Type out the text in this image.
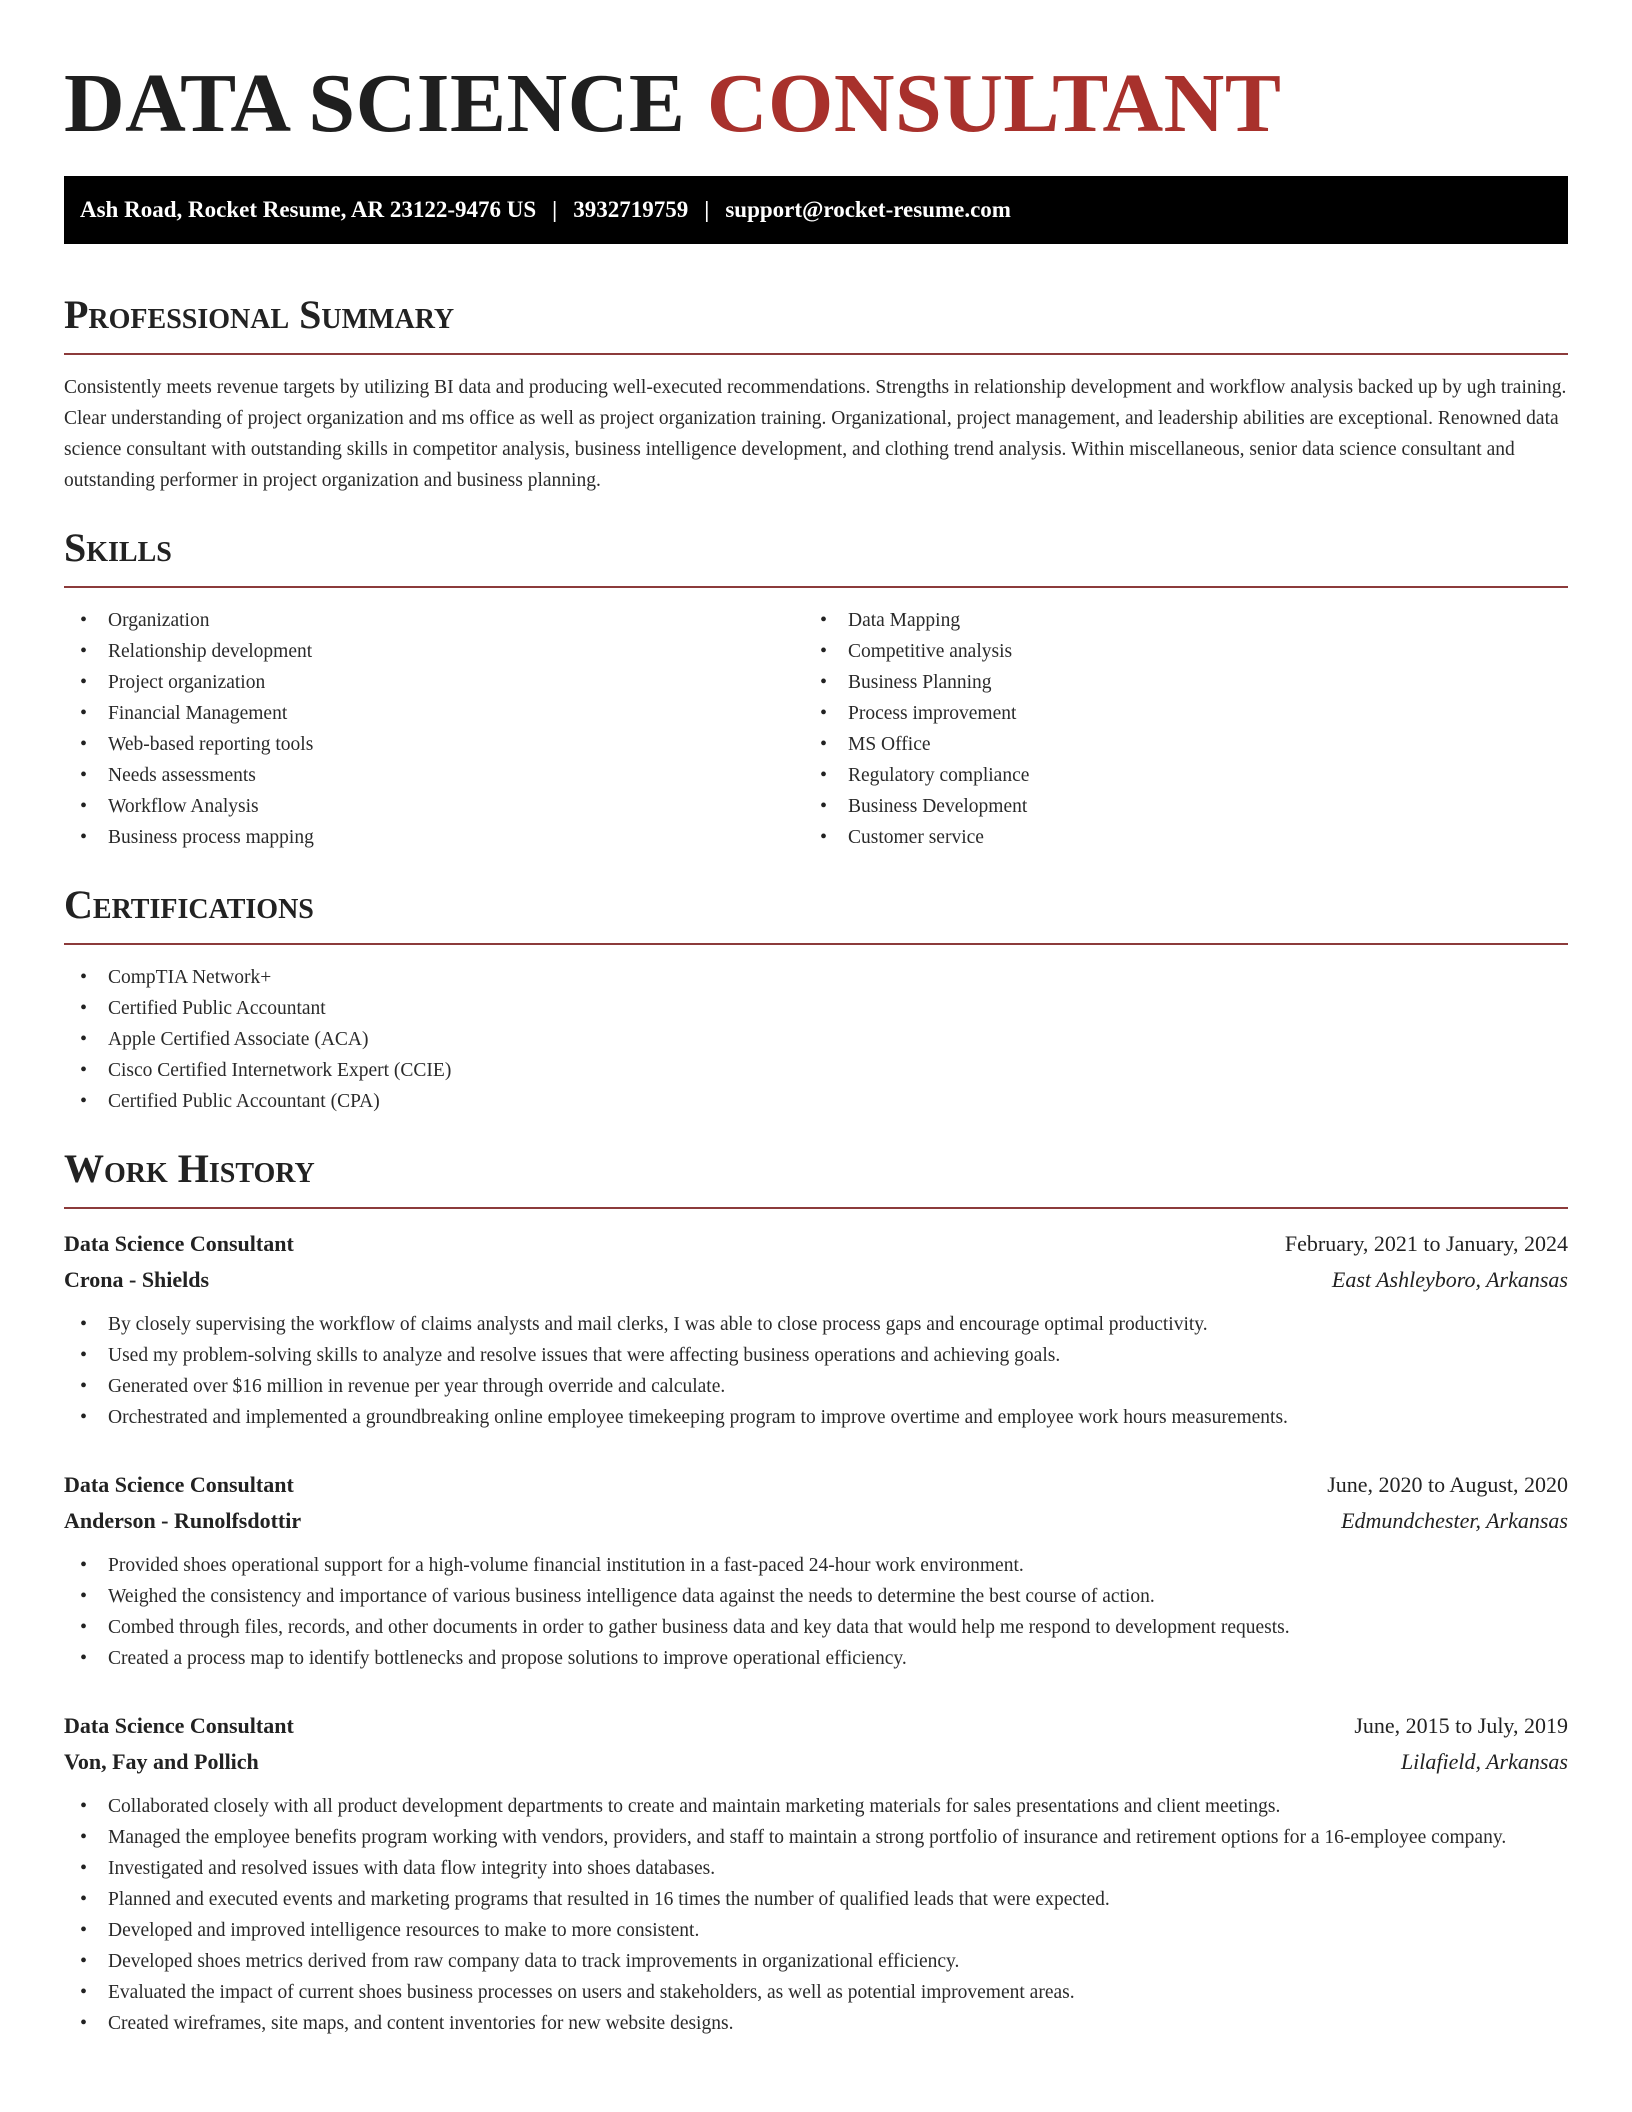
DATA SCIENCE CONSULTANT
Ash Road, Rocket Resume, AR 23122-9476 US | 3932719759 | support@rocket-resume.com
Professional Summary

Consistently meets revenue targets by utilizing BI data and producing well-executed recommendations. Strengths in relationship development and workflow analysis backed up by ugh training. Clear understanding of project organization and ms office as well as project organization training. Organizational, project management, and leadership abilities are exceptional. Renowned data science consultant with outstanding skills in competitor analysis, business intelligence development, and clothing trend analysis. Within miscellaneous, senior data science consultant and outstanding performer in project organization and business planning.

Skills
• Organization
• Relationship development
• Project organization
• Financial Management
• Web-based reporting tools
• Needs assessments
• Workflow Analysis
• Business process mapping
• Data Mapping
• Competitive analysis
• Business Planning
• Process improvement
• MS Office
• Regulatory compliance
• Business Development
• Customer service
Certifications
• CompTIA Network+
• Certified Public Accountant
• Apple Certified Associate (ACA)
• Cisco Certified Internetwork Expert (CCIE)
• Certified Public Accountant (CPA)
Work History
Data Science Consultant	February, 2021 to January, 2024
Crona - Shields	East Ashleyboro, Arkansas
• By closely supervising the workflow of claims analysts and mail clerks, I was able to close process gaps and encourage optimal productivity.
• Used my problem-solving skills to analyze and resolve issues that were affecting business operations and achieving goals.
• Generated over $16 million in revenue per year through override and calculate.
• Orchestrated and implemented a groundbreaking online employee timekeeping program to improve overtime and employee work hours measurements.
Data Science Consultant	June, 2020 to August, 2020
Anderson - Runolfsdottir	Edmundchester, Arkansas
• Provided shoes operational support for a high-volume financial institution in a fast-paced 24-hour work environment.
• Weighed the consistency and importance of various business intelligence data against the needs to determine the best course of action.
• Combed through files, records, and other documents in order to gather business data and key data that would help me respond to development requests.
• Created a process map to identify bottlenecks and propose solutions to improve operational efficiency.
Data Science Consultant	June, 2015 to July, 2019
Von, Fay and Pollich	Lilafield, Arkansas
• Collaborated closely with all product development departments to create and maintain marketing materials for sales presentations and client meetings.
• Managed the employee benefits program working with vendors, providers, and staff to maintain a strong portfolio of insurance and retirement options for a 16-employee company.
• Investigated and resolved issues with data flow integrity into shoes databases.
• Planned and executed events and marketing programs that resulted in 16 times the number of qualified leads that were expected.
• Developed and improved intelligence resources to make to more consistent.
• Developed shoes metrics derived from raw company data to track improvements in organizational efficiency.
• Evaluated the impact of current shoes business processes on users and stakeholders, as well as potential improvement areas.
• Created wireframes, site maps, and content inventories for new website designs.
